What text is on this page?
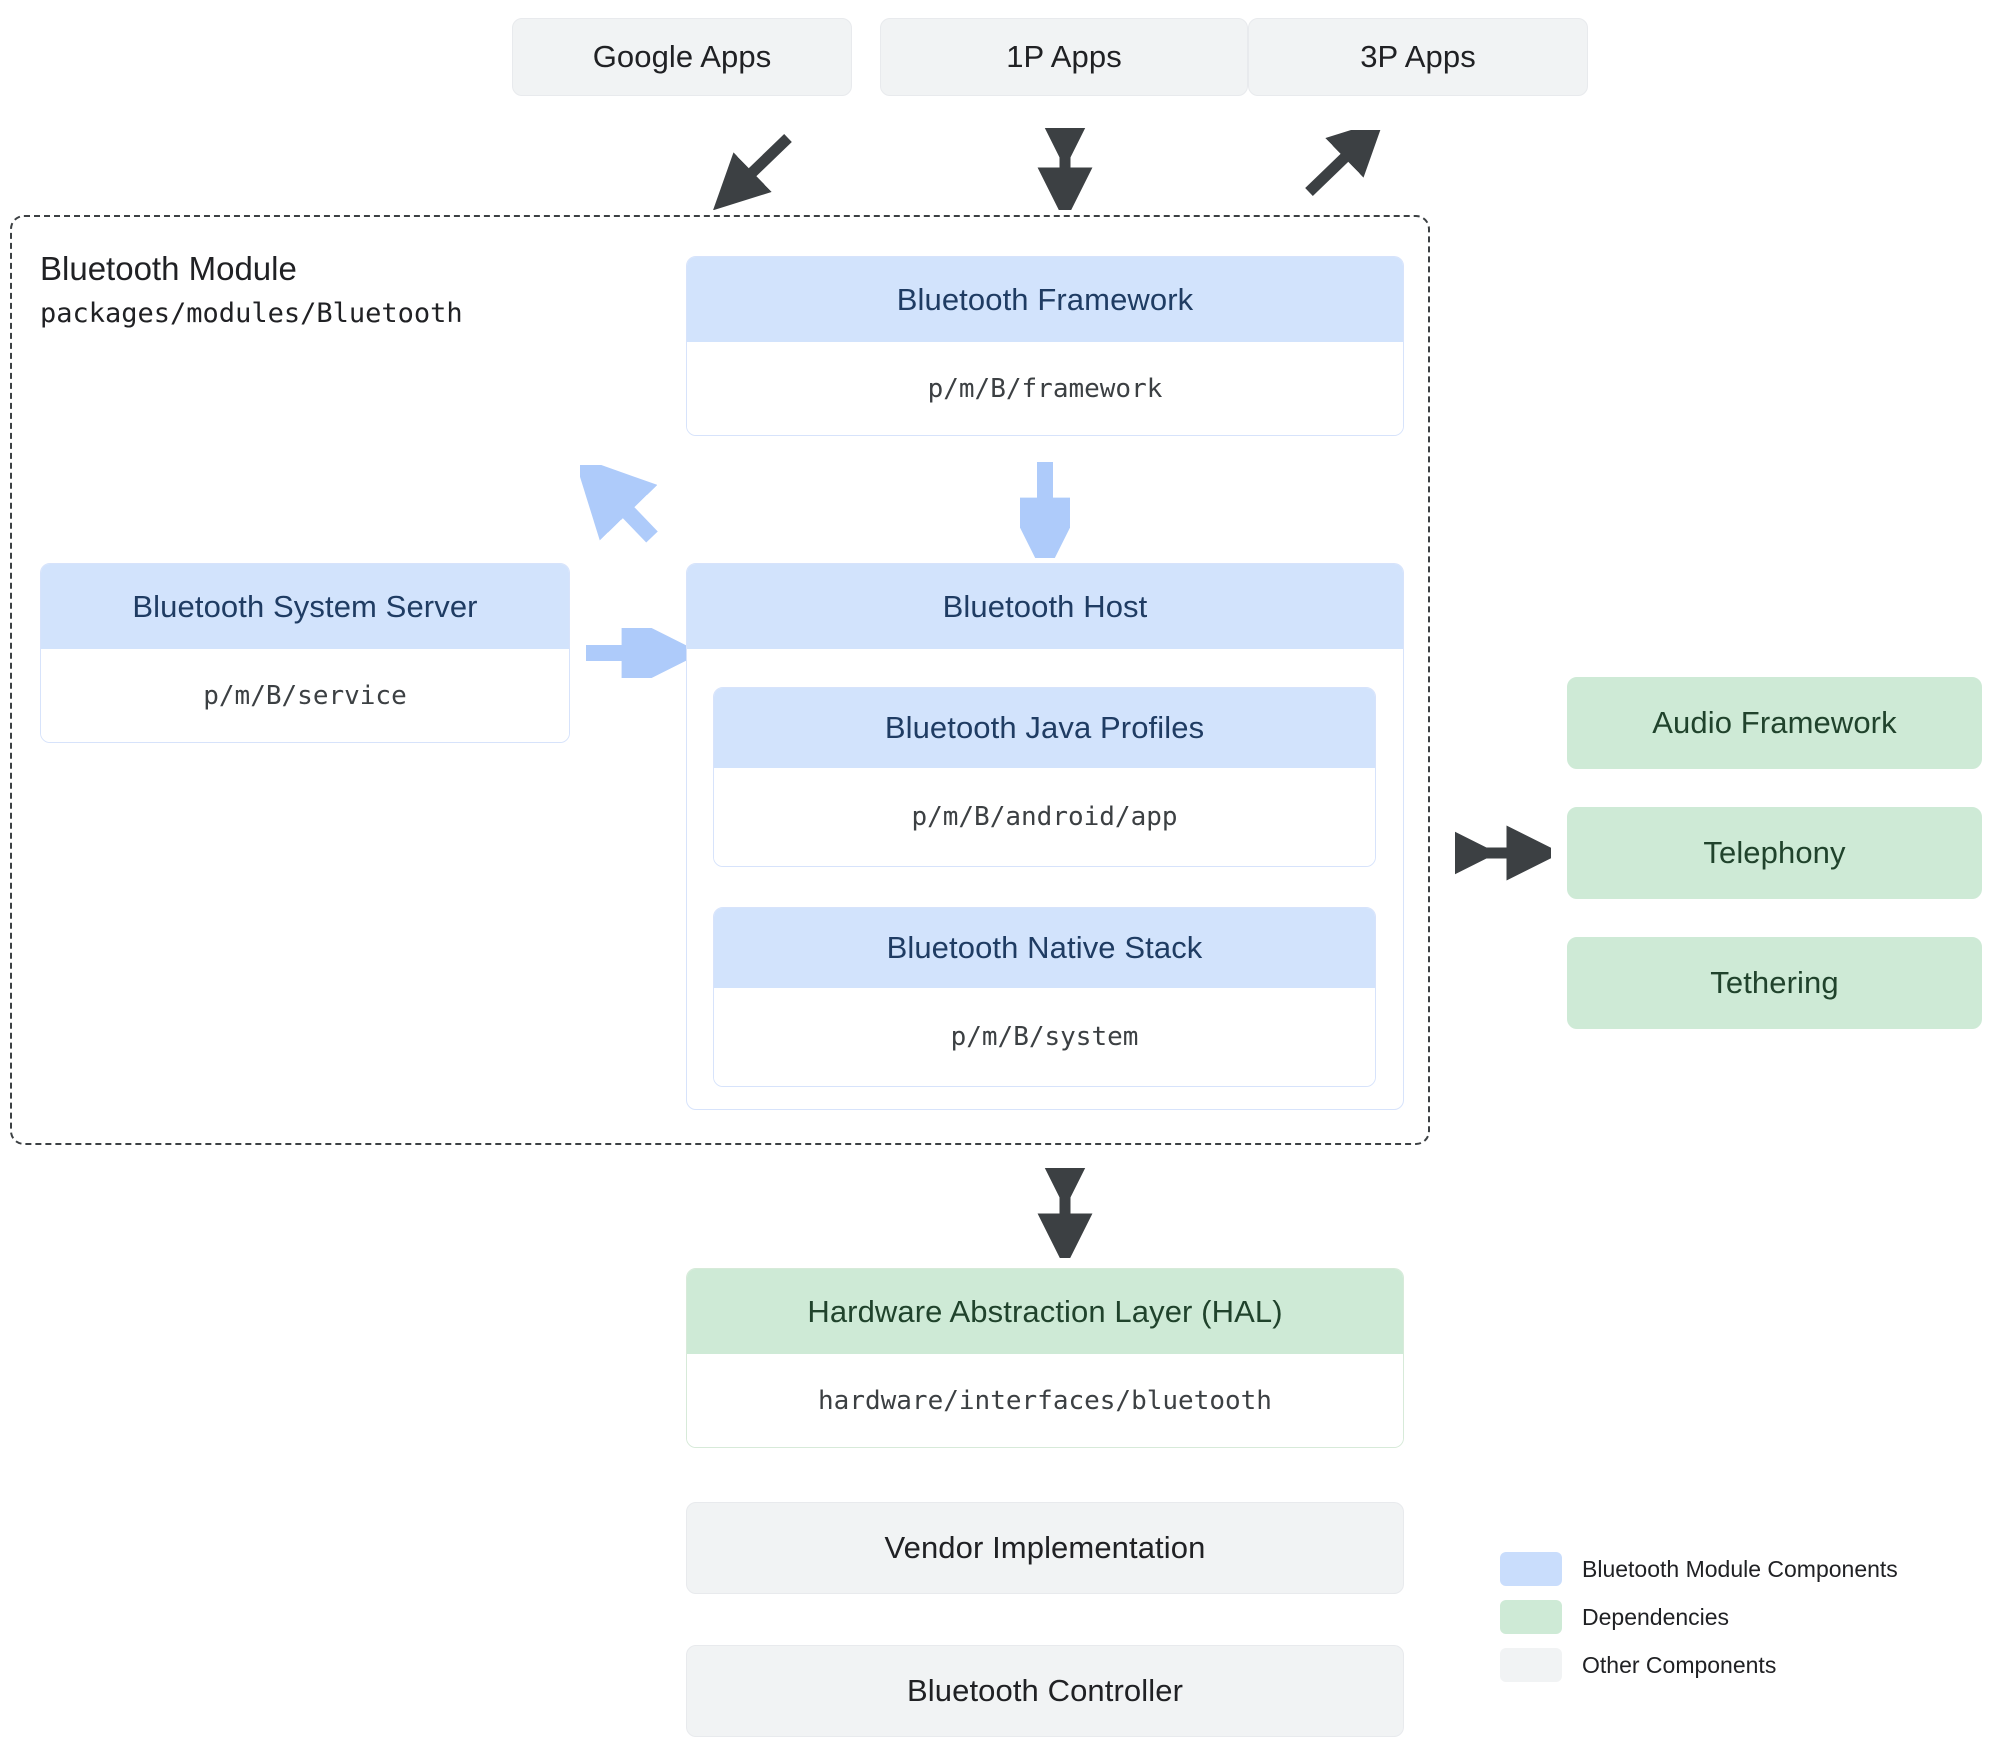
Google Apps	1P Apps	3P Apps
Bluetooth Module
packages/modules/Bluetooth	Bluetooth Framework
p/m/B/framework
Bluetooth System Server
p/m/B/service
Bluetooth Host
Bluetooth Java Profiles
p/m/B/android/app
Bluetooth Native Stack
p/m/B/system
Audio Framework
Telephony
Tethering
Hardware Abstraction Layer (HAL)
hardware/interfaces/bluetooth
Vendor Implementation
Bluetooth Controller
Bluetooth Module Components
Dependencies
Other Components
